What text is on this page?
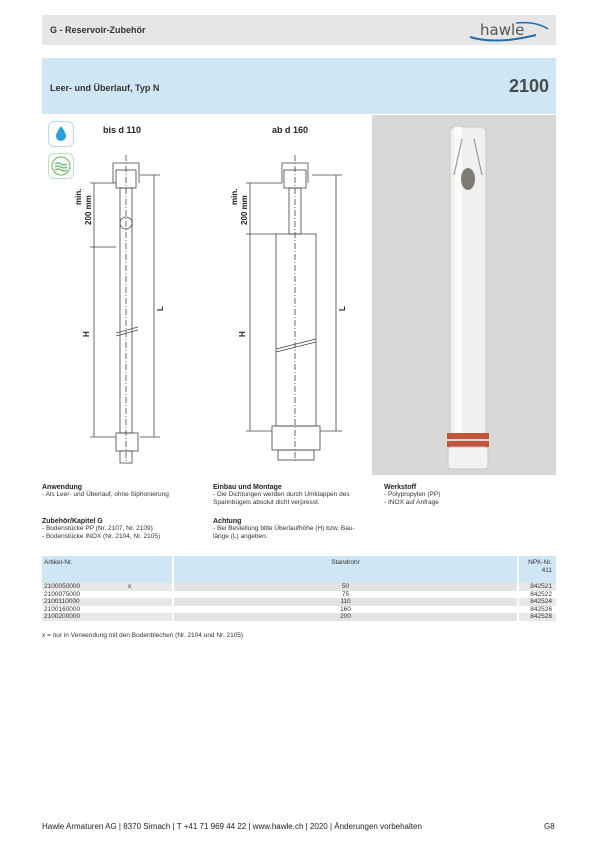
G - Reservoir-Zubehör	hawle
Leer- und Überlauf, Typ N	2100
bis d 110	ab d 160
min. 200 mm
H
L
min. 200 mm
H
L
Anwendung
- Als Leer- und Überlauf, ohne Siphonierung
Zubehör/Kapitel G
- Bodenstücke PP (Nr. 2107, Nr. 2109)
- Bodenstücke INOX (Nr. 2104, Nr. 2105)
Einbau und Montage
- Die Dichtungen werden durch Umklappen des
Spannbügels absolut dicht verpresst.
Achtung
- Bei Bestellung bitte Überlaufhöhe (H) bzw. Bau-
länge (L) angeben.
Werkstoff
- Polypropylen (PP)
- INOX auf Anfrage
Artikel-Nr.	Standrohr	NPK-Nr.
411
2100050000	x	50	842521
2100075000	75	842522
2100110000	110	842524
2100160000	160	842526
2100200000	200	842528
x = nur in Verwendung mit den Bodenblechen (Nr. 2104 und Nr. 2105)
Hawle Armaturen AG | 8370 Sirnach | T +41 71 969 44 22 | www.hawle.ch | 2020 | Änderungen vorbehalten	G8
